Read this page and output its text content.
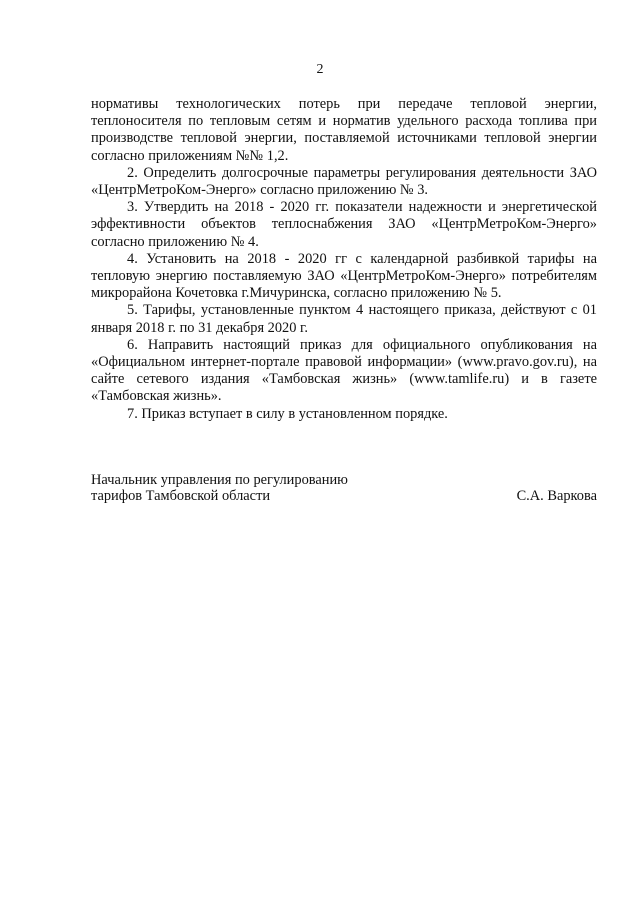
2

нормативы технологических потерь при передаче тепловой энергии, теплоносителя по тепловым сетям и норматив удельного расхода топлива при производстве тепловой энергии, поставляемой источниками тепловой энергии согласно приложениям №№ 1,2.

2. Определить долгосрочные параметры регулирования деятельности ЗАО «ЦентрМетроКом-Энерго» согласно приложению № 3.

3. Утвердить на 2018 - 2020 гг. показатели надежности и энергетической эффективности объектов теплоснабжения ЗАО «ЦентрМетроКом-Энерго» согласно приложению № 4.

4. Установить на 2018 - 2020 гг с календарной разбивкой тарифы на тепловую энергию поставляемую ЗАО «ЦентрМетроКом-Энерго» потребителям микрорайона Кочетовка г.Мичуринска, согласно приложению № 5.

5. Тарифы, установленные пунктом 4 настоящего приказа, действуют с 01 января 2018 г. по 31 декабря 2020 г.

6. Направить настоящий приказ для официального опубликования на «Официальном интернет-портале правовой информации» (www.pravo.gov.ru), на сайте сетевого издания «Тамбовская жизнь» (www.tamlife.ru) и в газете «Тамбовская жизнь».

7. Приказ вступает в силу в установленном порядке.

Начальник управления по регулированию
тарифов Тамбовской области	С.А. Варкова
